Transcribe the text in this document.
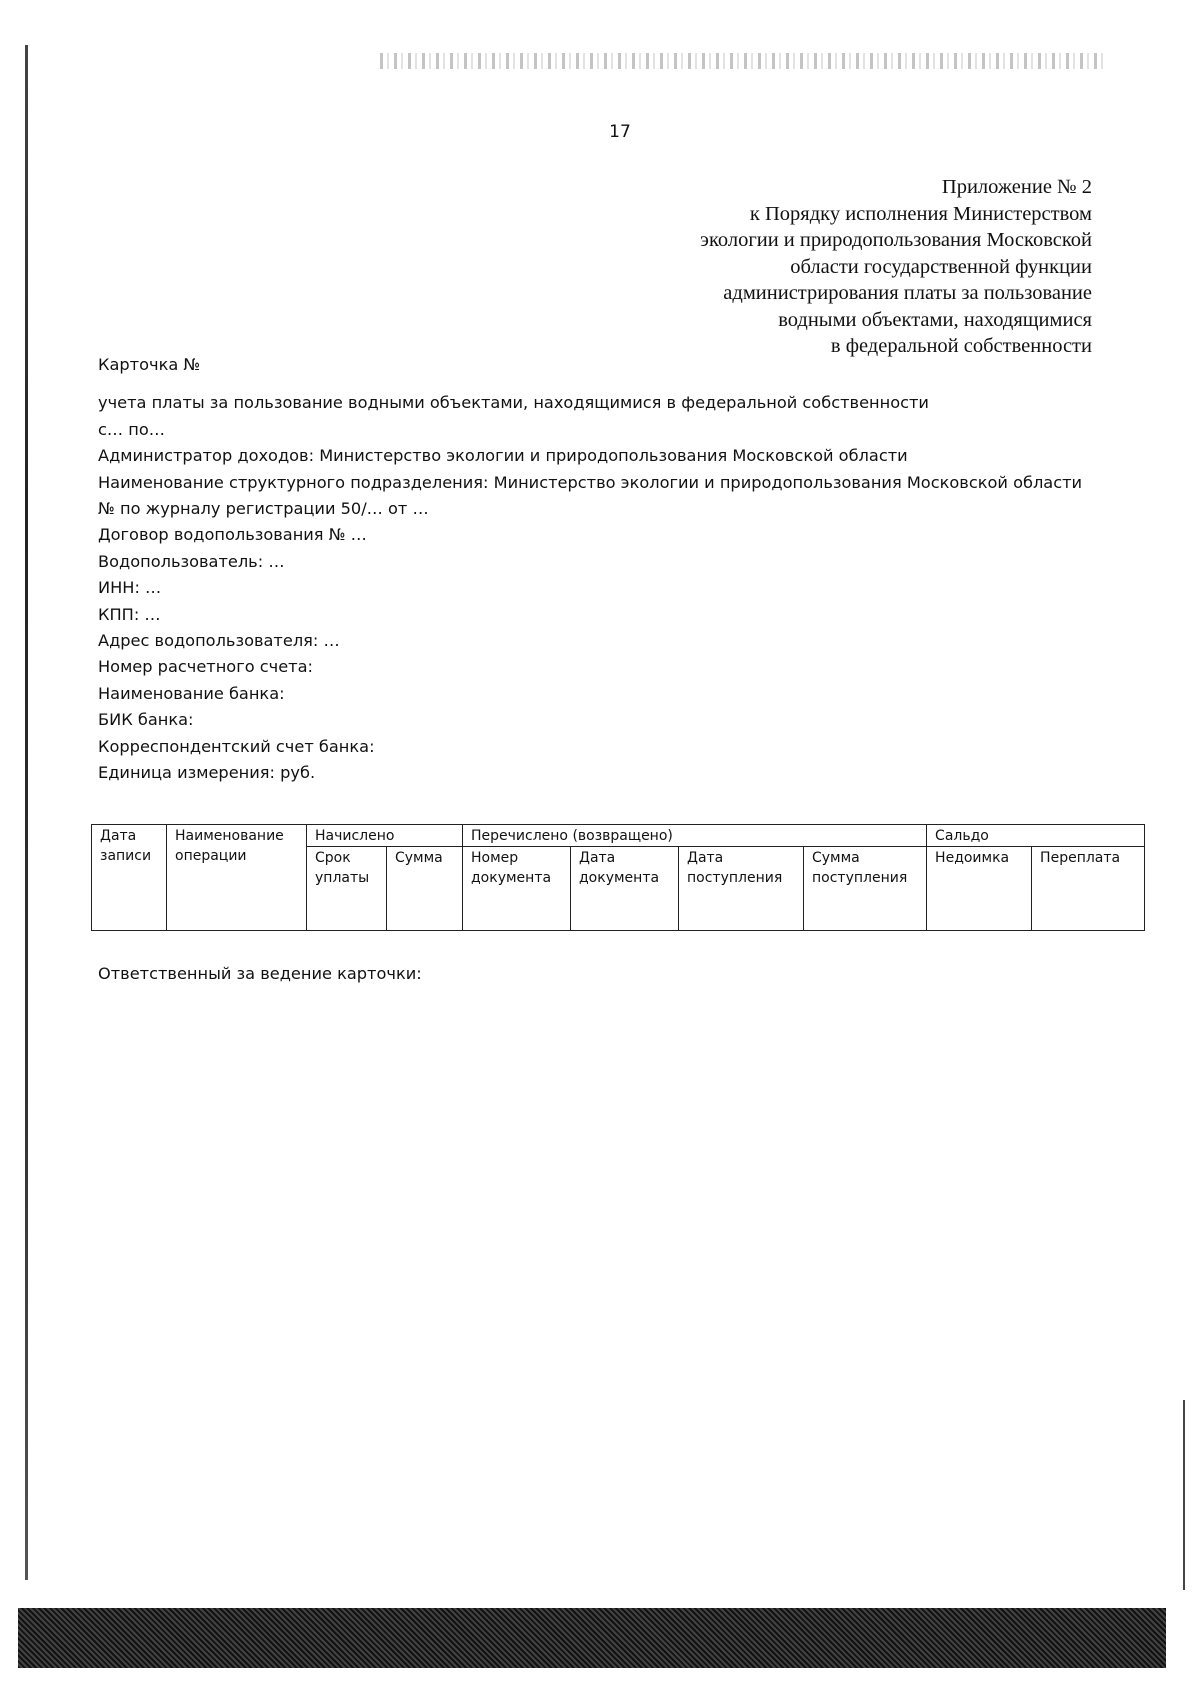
17
Приложение № 2
к Порядку исполнения Министерством
экологии и природопользования Московской
области государственной функции
администрирования платы за пользование
водными объектами, находящимися
в федеральной собственности
Карточка №
учета платы за пользование водными объектами, находящимися в федеральной собственности
с… по…
Администратор доходов: Министерство экологии и природопользования Московской области
Наименование структурного подразделения: Министерство экологии и природопользования Московской области
№ по журналу регистрации 50/… от …
Договор водопользования № …
Водопользователь: …
ИНН: …
КПП: …
Адрес водопользователя: …
Номер расчетного счета:
Наименование банка:
БИК банка:
Корреспондентский счет банка:
Единица измерения: руб.
Дата записи	Наименование операции	Начислено		Перечислено (возвращено)				Сальдо	
		Срок уплаты	Сумма	Номер документа	Дата документа	Дата поступления	Сумма поступления	Недоимка	Переплата
Ответственный за ведение карточки:
